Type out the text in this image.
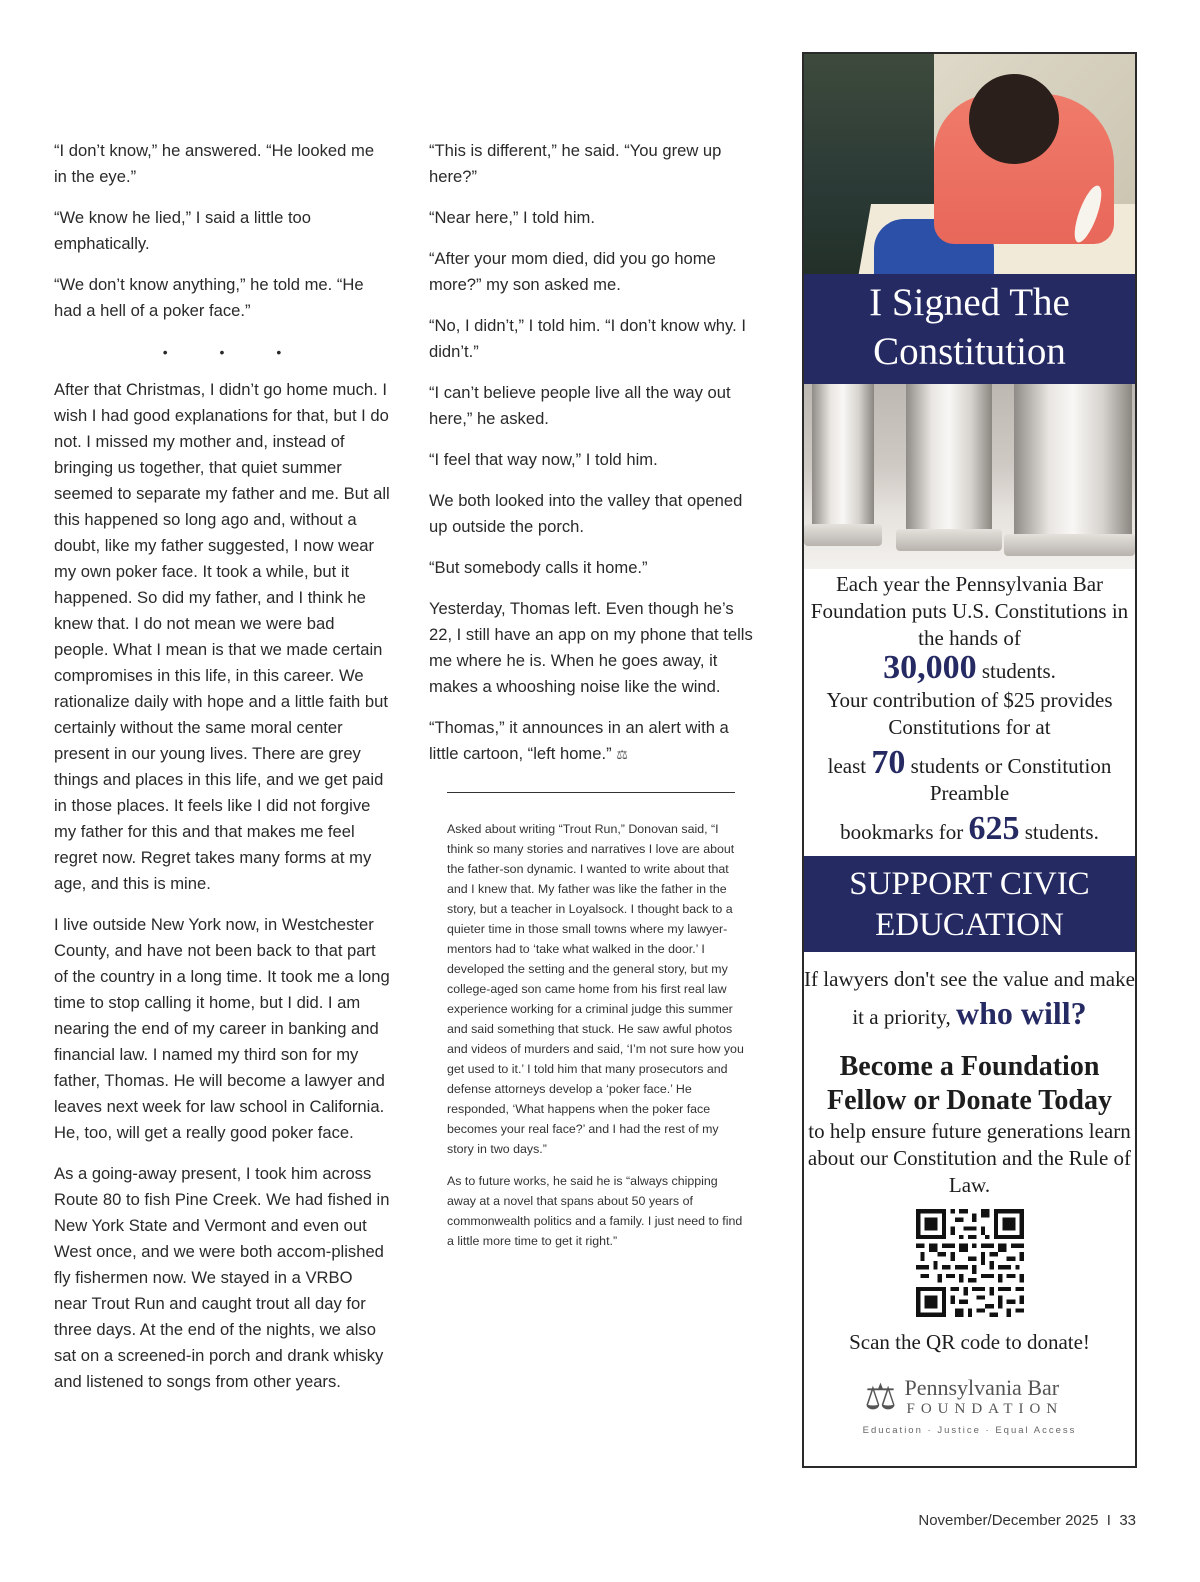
“I don’t know,” he answered. “He looked me in the eye.”

“We know he lied,” I said a little too emphatically.

“We don’t know anything,” he told me. “He had a hell of a poker face.”

• • •

After that Christmas, I didn’t go home much. I wish I had good explanations for that, but I do not. I missed my mother and, instead of bringing us together, that quiet summer seemed to separate my father and me. But all this happened so long ago and, without a doubt, like my father suggested, I now wear my own poker face. It took a while, but it happened. So did my father, and I think he knew that. I do not mean we were bad people. What I mean is that we made certain compromises in this life, in this career. We rationalize daily with hope and a little faith but certainly without the same moral center present in our young lives. There are grey things and places in this life, and we get paid in those places. It feels like I did not forgive my father for this and that makes me feel regret now. Regret takes many forms at my age, and this is mine.

I live outside New York now, in Westchester County, and have not been back to that part of the country in a long time. It took me a long time to stop calling it home, but I did. I am nearing the end of my career in banking and financial law. I named my third son for my father, Thomas. He will become a lawyer and leaves next week for law school in California. He, too, will get a really good poker face.

As a going-away present, I took him across Route 80 to fish Pine Creek. We had fished in New York State and Vermont and even out West once, and we were both accom-plished fly fishermen now. We stayed in a VRBO near Trout Run and caught trout all day for three days. At the end of the nights, we also sat on a screened-in porch and drank whisky and listened to songs from other years.

“This is different,” he said. “You grew up here?”

“Near here,” I told him.

“After your mom died, did you go home more?” my son asked me.

“No, I didn’t,” I told him. “I don’t know why. I didn’t.”

“I can’t believe people live all the way out here,” he asked.

“I feel that way now,” I told him.

We both looked into the valley that opened up outside the porch.

“But somebody calls it home.”

Yesterday, Thomas left. Even though he’s 22, I still have an app on my phone that tells me where he is. When he goes away, it makes a whooshing noise like the wind.

“Thomas,” it announces in an alert with a little cartoon, “left home.” ⚖

Asked about writing “Trout Run,” Donovan said, “I think so many stories and narratives I love are about the father-son dynamic. I wanted to write about that and I knew that. My father was like the father in the story, but a teacher in Loyalsock. I thought back to a quieter time in those small towns where my lawyer-mentors had to ‘take what walked in the door.’ I developed the setting and the general story, but my college-aged son came home from his first real law experience working for a criminal judge this summer and said something that stuck. He saw awful photos and videos of murders and said, ‘I’m not sure how you get used to it.’ I told him that many prosecutors and defense attorneys develop a ‘poker face.’ He responded, ‘What happens when the poker face becomes your real face?’ and I had the rest of my story in two days.”

As to future works, he said he is “always chipping away at a novel that spans about 50 years of commonwealth politics and a family. I just need to find a little more time to get it right.”

I Signed The Constitution
Each year the Pennsylvania Bar Foundation puts U.S. Constitutions in the hands of
30,000 students.
Your contribution of $25 provides Constitutions for at
least 70 students or Constitution Preamble
bookmarks for 625 students.
SUPPORT CIVIC EDUCATION
If lawyers don't see the value and make it a priority, who will?
Become a Foundation Fellow or Donate Today
to help ensure future generations learn about our Constitution and the Rule of Law.
Scan the QR code to donate!
⚖ Pennsylvania Bar
FOUNDATION
Education · Justice · Equal Access
November/December 2025 I 33
